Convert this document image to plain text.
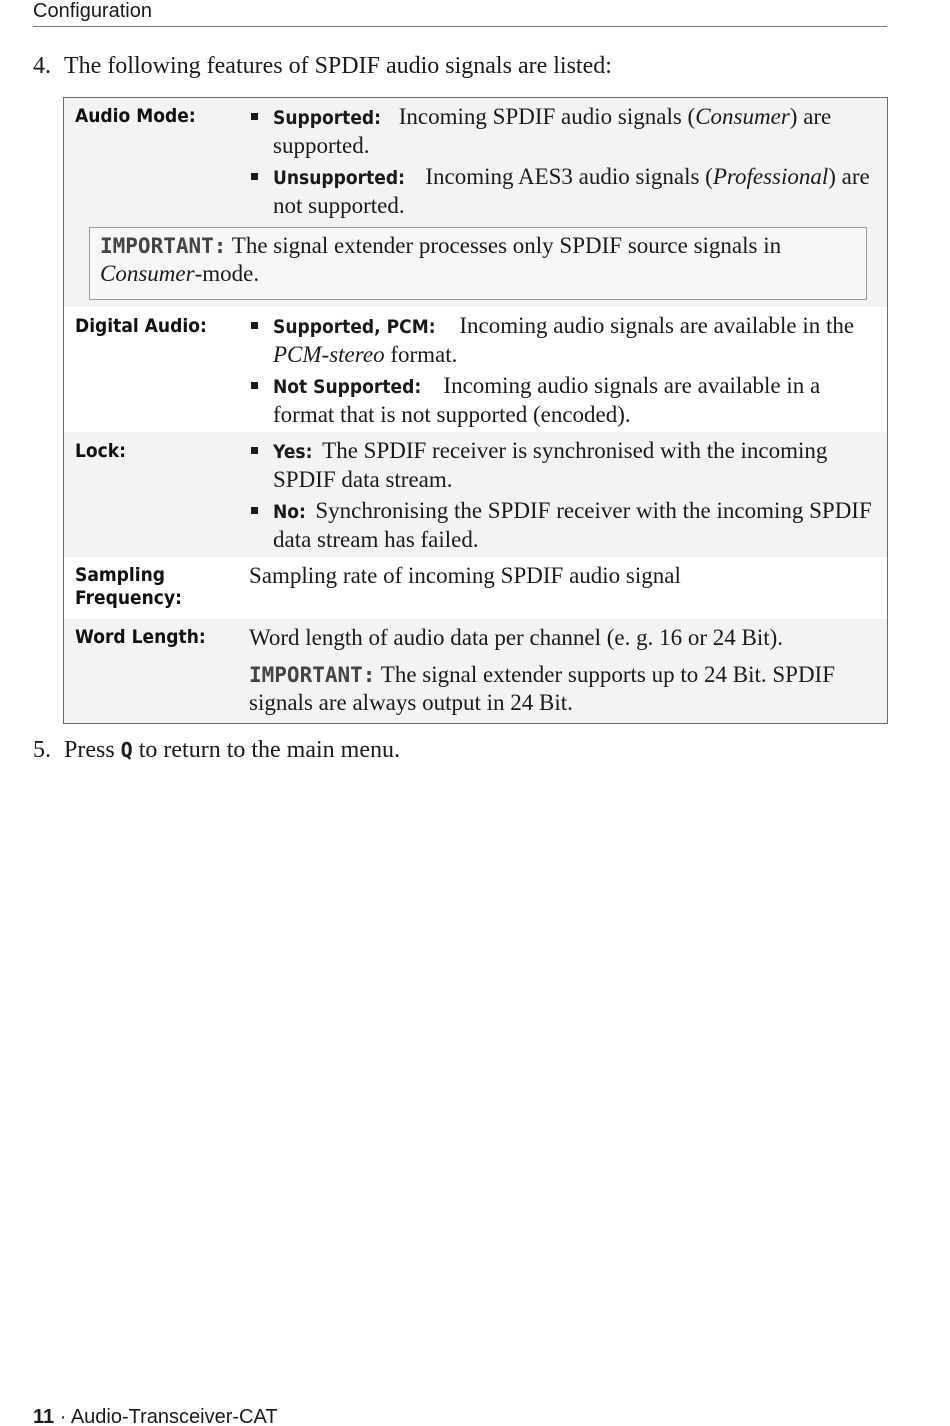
Configuration
4. The following features of SPDIF audio signals are listed:
Audio Mode:	Supported: Incoming SPDIF audio signals (Consumer) are supported.
Unsupported: Incoming AES3 audio signals (Professional) are not supported.
IMPORTANT: The signal extender processes only SPDIF source signals in Consumer-mode.
Digital Audio:	Supported, PCM: Incoming audio signals are available in the PCM-stereo format.
Not Supported: Incoming audio signals are available in a format that is not supported (encoded).
Lock:	Yes: The SPDIF receiver is synchronised with the incoming SPDIF data stream.
No: Synchronising the SPDIF receiver with the incoming SPDIF data stream has failed.
Sampling
Frequency:
Sampling rate of incoming SPDIF audio signal
Word Length: Word length of audio data per channel (e. g. 16 or 24 Bit).
IMPORTANT: The signal extender supports up to 24 Bit. SPDIF signals are always output in 24 Bit.
5. Press Q to return to the main menu.
11 · Audio-Transceiver-CAT
